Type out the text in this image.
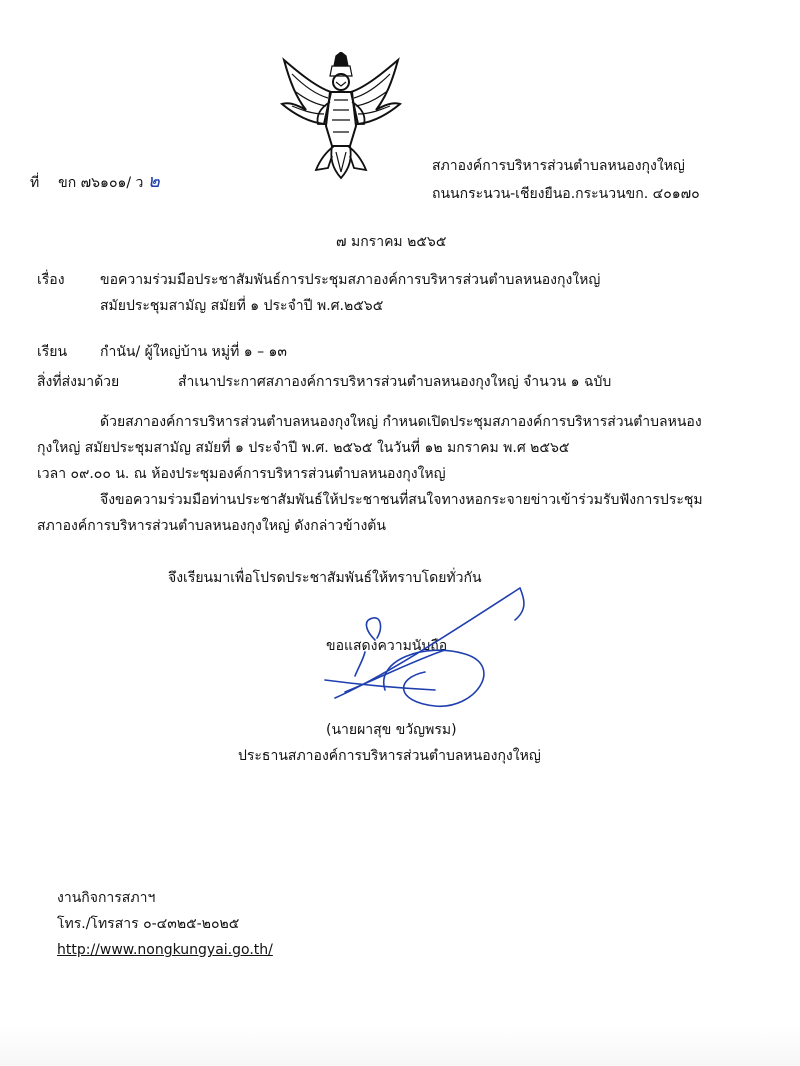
ที่ ขก ๗๖๑๐๑/ ว ๒
สภาองค์การบริหารส่วนตำบลหนองกุงใหญ่
ถนนกระนวน-เชียงยืนอ.กระนวนขก. ๔๐๑๗๐
๗ มกราคม ๒๕๖๕
เรื่อง	ขอความร่วมมือประชาสัมพันธ์การประชุมสภาองค์การบริหารส่วนตำบลหนองกุงใหญ่
สมัยประชุมสามัญ สมัยที่ ๑ ประจำปี พ.ศ.๒๕๖๕
เรียน กำนัน/ ผู้ใหญ่บ้าน หมู่ที่ ๑ – ๑๓
สิ่งที่ส่งมาด้วย	สำเนาประกาศสภาองค์การบริหารส่วนตำบลหนองกุงใหญ่ จำนวน ๑ ฉบับ
ด้วยสภาองค์การบริหารส่วนตำบลหนองกุงใหญ่ กำหนดเปิดประชุมสภาองค์การบริหารส่วนตำบลหนอง
กุงใหญ่ สมัยประชุมสามัญ สมัยที่ ๑ ประจำปี พ.ศ. ๒๕๖๕ ในวันที่ ๑๒ มกราคม พ.ศ ๒๕๖๕
เวลา ๐๙.๐๐ น. ณ ห้องประชุมองค์การบริหารส่วนตำบลหนองกุงใหญ่
จึงขอความร่วมมือท่านประชาสัมพันธ์ให้ประชาชนที่สนใจทางหอกระจายข่าวเข้าร่วมรับฟังการประชุม
สภาองค์การบริหารส่วนตำบลหนองกุงใหญ่ ดังกล่าวข้างต้น
จึงเรียนมาเพื่อโปรดประชาสัมพันธ์ให้ทราบโดยทั่วกัน
ขอแสดงความนับถือ
(นายผาสุข ขวัญพรม)
ประธานสภาองค์การบริหารส่วนตำบลหนองกุงใหญ่
งานกิจการสภาฯ
โทร./โทรสาร ๐-๔๓๒๕-๒๐๒๕
http://www.nongkungyai.go.th/
